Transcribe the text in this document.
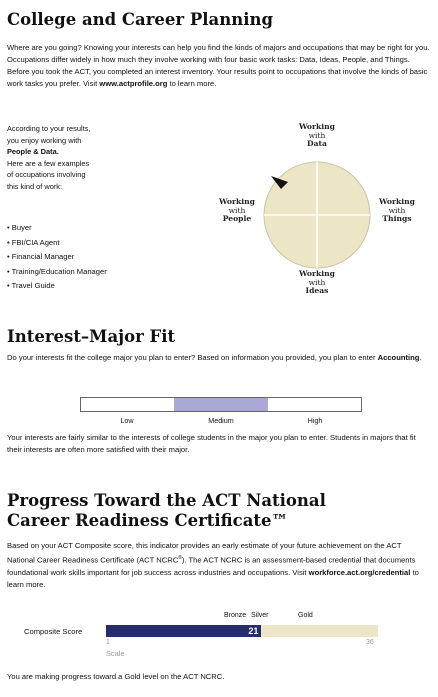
College and Career Planning

Where are you going? Knowing your interests can help you find the kinds of majors and occupations that may be right for you. Occupations differ widely in how much they involve working with four basic work tasks: Data, Ideas, People, and Things. Before you took the ACT, you completed an interest inventory. Your results point to occupations that involve the kinds of basic work tasks you prefer. Visit www.actprofile.org to learn more.

According to your results,
you enjoy working with
People & Data.
Here are a few examples
of occupations involving
this kind of work:

• Buyer
• FBI/CIA Agent
• Financial Manager
• Training/Education Manager
• Travel Guide
Working
with
Data
Working
with
People
Working
with
Things
Working
with
Ideas
Interest–Major Fit

Do your interests fit the college major you plan to enter? Based on information you provided, you plan to enter Accounting.

Low	Medium	High

Your interests are fairly similar to the interests of college students in the major you plan to enter. Students in majors that fit their interests are often more satisfied with their major.

Progress Toward the ACT National
Career Readiness Certificate™

Based on your ACT Composite score, this indicator provides an early estimate of your future achievement on the ACT National Career Readiness Certificate (ACT NCRC®). The ACT NCRC is an assessment-based credential that documents foundational work skills important for job success across industries and occupations. Visit workforce.act.org/credential to learn more.

Bronze Silver	Gold
Composite Score	21
1	36
Scale

You are making progress toward a Gold level on the ACT NCRC.
